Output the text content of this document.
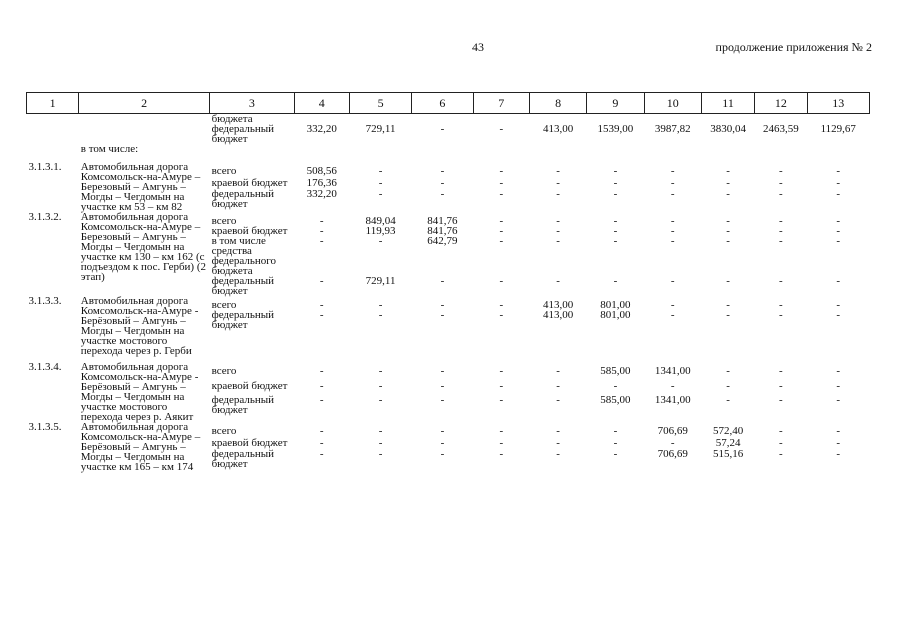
43	продолжение приложения № 2
1	2	3	4	5	6	7	8	9	10	11	12	13
		бюджета										
		федеральный бюджет	332,20	729,11	-	-	413,00	1539,00	3987,82	3830,04	2463,59	1129,67
	в том числе:											
3.1.3.1.	Автомобильная дорога Комсомольск-на-Амуре – Березовый – Амгунь – Могды – Чегдомын на участке км 53 – км 82	всего	508,56	-	-	-	-	-	-	-	-	-
		краевой бюджет	176,36	-	-	-	-	-	-	-	-	-
		федеральный бюджет	332,20	-	-	-	-	-	-	-	-	-
3.1.3.2.	Автомобильная дорога Комсомольск-на-Амуре – Березовый – Амгунь – Могды – Чегдомын на участке км 130 – км 162 (с подъездом к пос. Герби) (2 этап)	всего	-	849,04	841,76	-	-	-	-	-	-	-
		краевой бюджет	-	119,93	841,76	-	-	-	-	-	-	-
		в том числе средства федерального бюджета	-	-	642,79	-	-	-	-	-	-	-
		федеральный бюджет	-	729,11	-	-	-	-	-	-	-	-
3.1.3.3.	Автомобильная дорога Комсомольск-на-Амуре - Берёзовый – Амгунь – Могды – Чегдомын на участке мостового перехода через р. Герби	всего	-	-	-	-	413,00	801,00	-	-	-	-
		федеральный бюджет	-	-	-	-	413,00	801,00	-	-	-	-
3.1.3.4.	Автомобильная дорога Комсомольск-на-Амуре - Берёзовый – Амгунь – Могды – Чегдомын на участке мостового перехода через р. Аякит	всего	-	-	-	-	-	585,00	1341,00	-	-	-
		краевой бюджет	-	-	-	-	-	-	-	-	-	-
		федеральный бюджет	-	-	-	-	-	585,00	1341,00	-	-	-
3.1.3.5.	Автомобильная дорога Комсомольск-на-Амуре – Берёзовый – Амгунь – Могды – Чегдомын на участке км 165 – км 174	всего	-	-	-	-	-	-	706,69	572,40	-	-
		краевой бюджет	-	-	-	-	-	-	-	57,24	-	-
		федеральный бюджет	-	-	-	-	-	-	706,69	515,16	-	-
